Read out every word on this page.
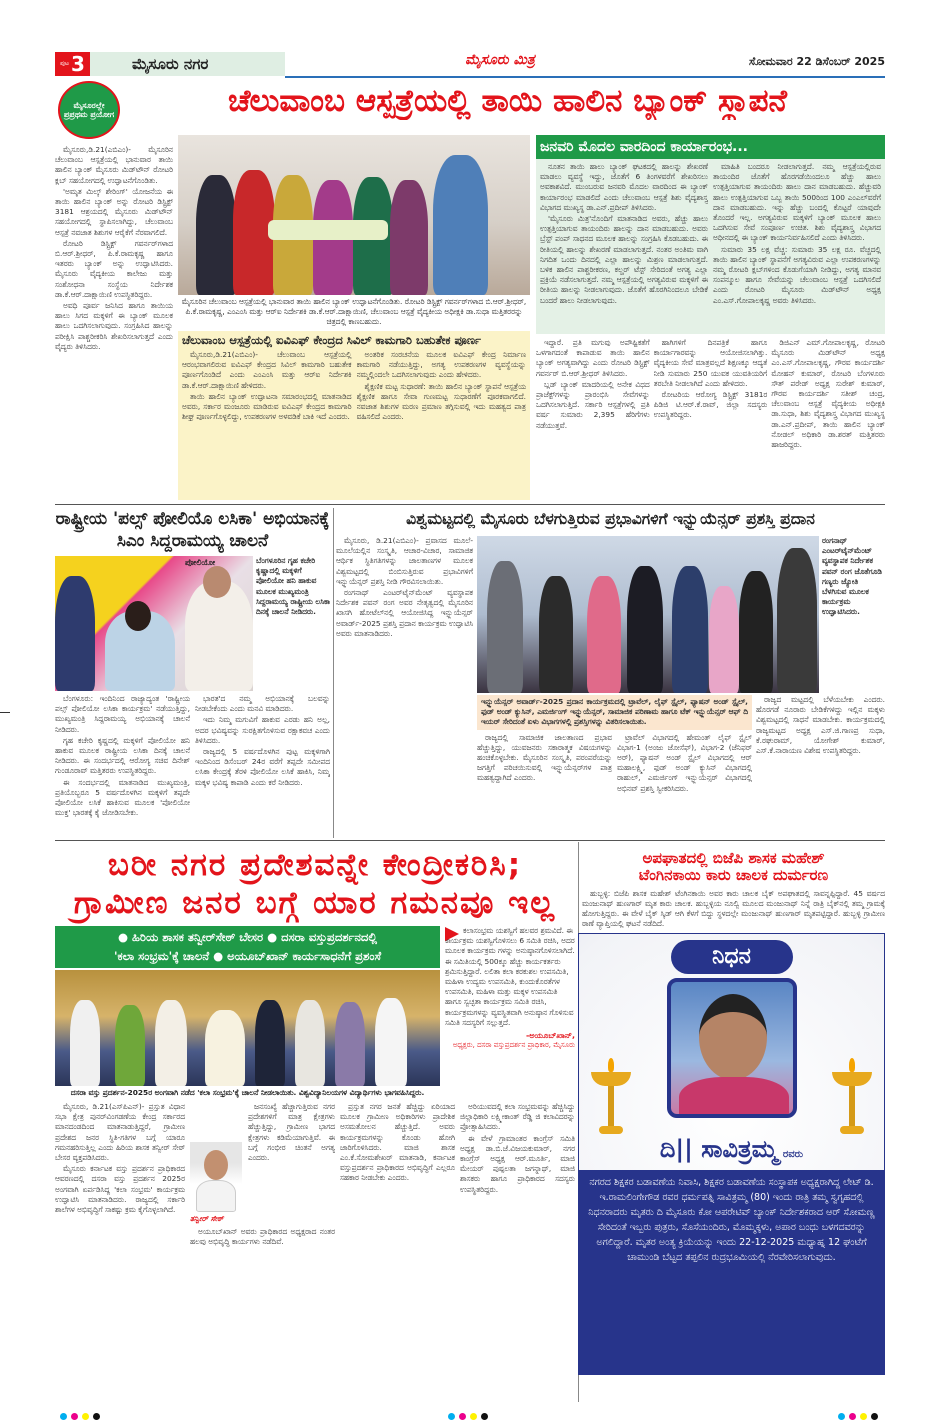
ಪುಟ 3	ಮೈಸೂರು ನಗರ	ಮೈಸೂರು ಮಿತ್ರ	ಸೋಮವಾರ 22 ಡಿಸೆಂಬರ್ 2025
ಮೈಸೂರಲ್ಲೇ ಪ್ರಪ್ರಥಮ ಪ್ರಯೋಗ	ಚೆಲುವಾಂಬ ಆಸ್ಪತ್ರೆಯಲ್ಲಿ ತಾಯಿ ಹಾಲಿನ ಬ್ಯಾಂಕ್ ಸ್ಥಾಪನೆ

ಮೈಸೂರು,ಡಿ.21(ಎಬಿಎಂ)- ಮೈಸೂರಿನ ಚೆಲುವಾಂಬ ಆಸ್ಪತ್ರೆಯಲ್ಲಿ ಭಾನುವಾರ ತಾಯಿ ಹಾಲಿನ ಬ್ಯಾಂಕ್ ಮೈಸೂರು ಮಿಡ್‌ಟೌನ್ ರೋಟರಿ ಕ್ಲಬ್ ಸಹಯೋಗದಲ್ಲಿ ಉದ್ಘಾಟನೆಗೊಂಡಿತು.

'ಅಮೃತ ಮಿಲ್ಕ್ ಶೇರಿಂಗ್' ಯೋಜನೆಯ ಈ ತಾಯಿ ಹಾಲಿನ ಬ್ಯಾಂಕ್ ಅನ್ನು ರೋಟರಿ ಡಿಸ್ಟ್ರಿಕ್ಟ್ 3181 ಆಶ್ರಯದಲ್ಲಿ ಮೈಸೂರು ಮಿಡ್‌ಟೌನ್ ಸಹಯೋಗದಲ್ಲಿ ಸ್ಥಾಪಿಸಲಾಗಿದ್ದು, ಚೆಲುವಾಂಬ ಆಸ್ಪತ್ರೆ ನವಜಾತ ಶಿಶುಗಳ ಆರೈಕೆಗೆ ನೆರವಾಗಲಿದೆ.

ರೋಟರಿ ಡಿಸ್ಟ್ರಿಕ್ಟ್ ಗವರ್ನರ್‌ಗಳಾದ ಬಿ.ಆರ್.ಶ್ರೀಧರ್, ಪಿ.ಕೆ.ರಾಮಕೃಷ್ಣ ಹಾಗೂ ಇತರರು ಬ್ಯಾಂಕ್ ಅನ್ನು ಉದ್ಘಾಟಿಸಿದರು. ಮೈಸೂರು ವೈದ್ಯಕೀಯ ಕಾಲೇಜು ಮತ್ತು ಸಂಶೋಧನಾ ಸಂಸ್ಥೆಯ ನಿರ್ದೇಶಕ ಡಾ.ಕೆ.ಆರ್.ದಾಕ್ಷಾಯಿಣಿ ಉಪಸ್ಥಿತರಿದ್ದರು.

ಅವಧಿ ಪೂರ್ವ ಜನಿಸಿದ ಹಾಗೂ ತಾಯಿಯ ಹಾಲು ಸಿಗದ ಮಕ್ಕಳಿಗೆ ಈ ಬ್ಯಾಂಕ್ ಮೂಲಕ ಹಾಲು ಒದಗಿಸಲಾಗುವುದು. ಸಂಗ್ರಹಿಸಿದ ಹಾಲನ್ನು ಪರೀಕ್ಷಿಸಿ ಪಾಶ್ಚರೀಕರಿಸಿ ಶೇಖರಿಸಲಾಗುತ್ತದೆ ಎಂದು ವೈದ್ಯರು ತಿಳಿಸಿದರು.

ಮೈಸೂರಿನ ಚೆಲುವಾಂಬ ಆಸ್ಪತ್ರೆಯಲ್ಲಿ ಭಾನುವಾರ ತಾಯಿ ಹಾಲಿನ ಬ್ಯಾಂಕ್ ಉದ್ಘಾಟನೆಗೊಂಡಿತು. ರೋಟರಿ ಡಿಸ್ಟ್ರಿಕ್ಟ್ ಗವರ್ನರ್‌ಗಳಾದ ಬಿ.ಆರ್.ಶ್ರೀಧರ್, ಪಿ.ಕೆ.ರಾಮಕೃಷ್ಣ, ಎಂಎಂಸಿ ಮತ್ತು ಆರ್‌ಐ ನಿರ್ದೇಶಕಿ ಡಾ.ಕೆ.ಆರ್.ದಾಕ್ಷಾಯಿಣಿ, ಚೆಲುವಾಂಬ ಆಸ್ಪತ್ರೆ ವೈದ್ಯಕೀಯ ಅಧೀಕ್ಷಕಿ ಡಾ.ಸುಧಾ ಮತ್ತಿತರರನ್ನು ಚಿತ್ರದಲ್ಲಿ ಕಾಣಬಹುದು.
ಚೆಲುವಾಂಬ ಆಸ್ಪತ್ರೆಯಲ್ಲಿ ಐವಿಎಫ್ ಕೇಂದ್ರದ ಸಿವಿಲ್ ಕಾಮಗಾರಿ ಬಹುತೇಕ ಪೂರ್ಣ

ಮೈಸೂರು,ಡಿ.21(ಎಬಿಎಂ)- ಚೆಲುವಾಂಬ ಆಸ್ಪತ್ರೆಯಲ್ಲಿ ಆರಂಭವಾಗಲಿರುವ ಐವಿಎಫ್ ಕೇಂದ್ರದ ಸಿವಿಲ್ ಕಾಮಗಾರಿ ಬಹುತೇಕ ಪೂರ್ಣಗೊಂಡಿದೆ ಎಂದು ಎಂಎಂಸಿ ಮತ್ತು ಆರ್‌ಐ ನಿರ್ದೇಶಕಿ ಡಾ.ಕೆ.ಆರ್.ದಾಕ್ಷಾಯಿಣಿ ಹೇಳಿದರು.

ತಾಯಿ ಹಾಲಿನ ಬ್ಯಾಂಕ್ ಉದ್ಘಾಟನಾ ಸಮಾರಂಭದಲ್ಲಿ ಮಾತನಾಡಿದ ಅವರು, ಸರ್ಕಾರ ಮಂಜೂರು ಮಾಡಿರುವ ಐವಿಎಫ್ ಕೇಂದ್ರದ ಕಾಮಗಾರಿ ಶೀಘ್ರ ಪೂರ್ಣಗೊಳ್ಳಲಿದ್ದು, ಉಪಕರಣಗಳ ಅಳವಡಿಕೆ ಬಾಕಿ ಇದೆ ಎಂದರು.

ಅಂತರಿಕ ಸಂರಚನೆಯ ಮೂಲಕ ಐವಿಎಫ್ ಕೇಂದ್ರ ನಿರ್ಮಾಣ ಕಾಮಗಾರಿ ನಡೆಯುತ್ತಿದ್ದು, ಅಗತ್ಯ ಉಪಕರಣಗಳ ವ್ಯವಸ್ಥೆಯನ್ನು ನಮ್ಮಲ್ಲಿಂದಲೇ ಒದಗಿಸಲಾಗುವುದು ಎಂದು ಹೇಳಿದರು.

ಶೈಕ್ಷಣಿಕ ಮಟ್ಟ ಸುಧಾರಣೆ: ತಾಯಿ ಹಾಲಿನ ಬ್ಯಾಂಕ್ ಸ್ಥಾಪನೆ ಆಸ್ಪತ್ರೆಯ ಶೈಕ್ಷಣಿಕ ಹಾಗೂ ಸೇವಾ ಗುಣಮಟ್ಟ ಸುಧಾರಣೆಗೆ ಪೂರಕವಾಗಲಿದೆ. ನವಜಾತ ಶಿಶುಗಳ ಮರಣ ಪ್ರಮಾಣ ತಗ್ಗಿಸುವಲ್ಲಿ ಇದು ಮಹತ್ವದ ಪಾತ್ರ ವಹಿಸಲಿದೆ ಎಂದರು.

ಜನವರಿ ಮೊದಲ ವಾರದಿಂದ ಕಾರ್ಯಾರಂಭ...

ನೂತನ ತಾಯಿ ಹಾಲು ಬ್ಯಾಂಕ್ ಘಟಕದಲ್ಲಿ ಹಾಲನ್ನು ಶೇಖರಣೆ ಮಾಡಲು ವ್ಯವಸ್ಥೆ ಇದ್ದು, ಜೊತೆಗೆ 6 ತಿಂಗಳವರೆಗೆ ಶೇಖರಿಸಲು ಅವಕಾಶವಿದೆ. ಮುಂಬರುವ ಜನವರಿ ಮೊದಲ ವಾರದಿಂದ ಈ ಬ್ಯಾಂಕ್ ಕಾರ್ಯಾರಂಭ ಮಾಡಲಿದೆ ಎಂದು ಚೆಲುವಾಂಬ ಆಸ್ಪತ್ರೆ ಶಿಶು ವೈದ್ಯಶಾಸ್ತ್ರ ವಿಭಾಗದ ಮುಖ್ಯಸ್ಥ ಡಾ.ಎನ್.ಪ್ರದೀಪ್ ತಿಳಿಸಿದರು.

'ಮೈಸೂರು ಮಿತ್ರ'ನೊಂದಿಗೆ ಮಾತನಾಡಿದ ಅವರು, ಹೆಚ್ಚು ಹಾಲು ಉತ್ಪತ್ತಿಯಾಗುವ ತಾಯಂದಿರು ಹಾಲನ್ನು ದಾನ ಮಾಡಬಹುದು. ಅವರು ಬ್ರೆಸ್ಟ್ ಪಂಪ್ ಸಾಧನದ ಮೂಲಕ ಹಾಲನ್ನು ಸಂಗ್ರಹಿಸಿ ಕೊಡಬಹುದು. ಈ ರೀತಿಯಲ್ಲಿ ಹಾಲನ್ನು ಶೇಖರಣೆ ಮಾಡಲಾಗುತ್ತದೆ. ನಂತರ ಅಂತಿಮ ವಾಗಿ ನಿಗದಿತ ಒಂದು ದಿನದಲ್ಲಿ ಎಲ್ಲಾ ಹಾಲನ್ನು ಮಿಶ್ರಣ ಮಾಡಲಾಗುತ್ತದೆ. ಬಳಿಕ ಹಾಲಿನ ಪಾಶ್ಚರೀಕರಣ, ಕಲ್ಚರ್ ಟೆಸ್ಟ್ ಸೇರಿದಂತೆ ಅಗತ್ಯ ಎಲ್ಲಾ ಪ್ರಕ್ರಿಯೆ ನಡೆಸಲಾಗುತ್ತದೆ. ನಮ್ಮ ಆಸ್ಪತ್ರೆಯಲ್ಲಿ ಅಗತ್ಯವಿರುವ ಮಕ್ಕಳಿಗೆ ಈ ರೀತಿಯ ಹಾಲನ್ನು ನೀಡಲಾಗುವುದು. ಜೊತೆಗೆ ಹೊರಗಿನಿಂದಲೂ ಬೇಡಿಕೆ ಬಂದರೆ ಹಾಲು ನೀಡಲಾಗುವುದು.

ಮಾಹಿತಿ ಬಂದರೂ ನೀಡಲಾಗುತ್ತದೆ. ನಮ್ಮ ಆಸ್ಪತ್ರೆಯಲ್ಲಿರುವ ತಾಯಂದಿರ ಜೊತೆಗೆ ಹೊರಗಡೆಯಿಂದಲೂ ಹೆಚ್ಚು ಹಾಲು ಉತ್ಪತ್ತಿಯಾಗುವ ತಾಯಂದಿರು ಹಾಲು ದಾನ ಮಾಡಬಹುದು. ಹೆಚ್ಚುವರಿ ಹಾಲು ಉತ್ಪತ್ತಿಯಾಗುವ ಒಬ್ಬ ತಾಯಿ 500ರಿಂದ 100 ಎಂಎಲ್‌ವರೆಗೆ ದಾನ ಮಾಡಬಹುದು. ಇನ್ನು ಹೆಚ್ಚು ಬಂದಲ್ಲಿ ಕೊಟ್ಟರೆ ಯಾವುದೇ ತೊಂದರೆ ಇಲ್ಲ. ಅಗತ್ಯವಿರುವ ಮಕ್ಕಳಿಗೆ ಬ್ಯಾಂಕ್ ಮೂಲಕ ಹಾಲು ಒದಗಿಸುವ ಸೇವೆ ಸಂಪೂರ್ಣ ಉಚಿತ. ಶಿಶು ವೈದ್ಯಶಾಸ್ತ್ರ ವಿಭಾಗದ ಅಧೀನದಲ್ಲಿ ಈ ಬ್ಯಾಂಕ್ ಕಾರ್ಯನಿರ್ವಹಿಸಲಿದೆ ಎಂದು ತಿಳಿಸಿದರು.

ಸುಮಾರು 35 ಲಕ್ಷ ವೆಚ್ಚ: ಸುಮಾರು 35 ಲಕ್ಷ ರೂ. ವೆಚ್ಚದಲ್ಲಿ ತಾಯಿ ಹಾಲಿನ ಬ್ಯಾಂಕ್ ಸ್ಥಾಪನೆಗೆ ಅಗತ್ಯವಿರುವ ಎಲ್ಲಾ ಉಪಕರಣಗಳನ್ನು ನಮ್ಮ ರೋಟರಿ ಕ್ಲಬ್‌ಗಳಿಂದ ಕೊಡುಗೆಯಾಗಿ ನೀಡಿದ್ದು, ಅಗತ್ಯ ಮಾನವ ಸಂಪನ್ಮೂಲ ಹಾಗೂ ಸೇವೆಯನ್ನು ಚೆಲುವಾಂಬ ಆಸ್ಪತ್ರೆ ಒದಗಿಸಲಿದೆ ಎಂದು ರೋಟರಿ ಮೈಸೂರು ಮಿಡ್‌ಟೌನ್ ಅಧ್ಯಕ್ಷ ಎಂ.ಎಸ್.ಗೋಪಾಲಕೃಷ್ಣ ಅವರು ತಿಳಿಸಿದರು.

ಇದ್ದಾರೆ. ಪ್ರತಿ ಮಗುವು ಅಪೌಷ್ಟಿಕತೆಗೆ ಒಳಗಾಗದಂತೆ ಕಾಪಾಡುವ ತಾಯಿ ಹಾಲಿನ ಬ್ಯಾಂಕ್ ಅಗತ್ಯವಾಗಿದ್ದು ಎಂದು ರೋಟರಿ ಡಿಸ್ಟ್ರಿಕ್ಟ್ ಗವರ್ನರ್ ಬಿ.ಆರ್.ಶ್ರೀಧರ್ ತಿಳಿಸಿದರು.

ಬ್ಲಡ್ ಬ್ಯಾಂಕ್ ಮಾದರಿಯಲ್ಲಿ ಅನೇಕ ವಿಧದ ಪ್ರಾಜೆಕ್ಟ್‌ಗಳನ್ನು ಪ್ರಾರಂಭಿಸಿ ಸೇವೆಗಳನ್ನು ಒದಗಿಸಲಾಗುತ್ತಿದೆ. ಸರ್ಕಾರಿ ಆಸ್ಪತ್ರೆಗಳಲ್ಲಿ ಪ್ರತಿ ವರ್ಷ ಸುಮಾರು 2,395 ಹೆರಿಗೆಗಳು ನಡೆಯುತ್ತವೆ.

ಹಾಗಿಗಳಿಗೆ ದಿನಪತ್ರಿಕೆ ಹಾಗೂ ಕಾರ್ಯಾಗಾರವನ್ನು ಆಯೋಜಿಸಲಾಗಿತ್ತು. ವೈದ್ಯಕೀಯ ಸೇವೆ ಮಾತ್ರವಲ್ಲದೆ ಶಿಕ್ಷಣಕ್ಕೂ ಆದ್ಯತೆ ನೀಡಿ ಸುಮಾರು 250 ಯುವಕ ಯುವತಿಯರಿಗೆ ತರಬೇತಿ ನೀಡಲಾಗಿದೆ ಎಂದು ಹೇಳಿದರು.

ರೋಟರಿಯ ಆರೋಗ್ಯ ಡಿಸ್ಟ್ರಿಕ್ಟ್ 3181ರ ಪಿಡಿಜಿ ಟಿ.ಆರ್.ಕೆ.ರಾವ್, ಜಿಲ್ಲಾ ಸದಸ್ಯರು ಉಪಸ್ಥಿತರಿದ್ದರು.

ಡಿಜಿಎನ್ ಎಮ್.ಗೋಪಾಲಕೃಷ್ಣ, ರೋಟರಿ ಮೈಸೂರು ಮಿಡ್‌ಟೌನ್ ಅಧ್ಯಕ್ಷ ಎಂ.ಎಸ್.ಗೋಪಾಲಕೃಷ್ಣ, ಗೌರವ ಕಾರ್ಯದರ್ಶಿ ಮೋಹನ್ ಕುಮಾರ್, ರೋಟರಿ ಬೆಂಗಳೂರು ಸೌತ್ ಪರೇಡ್ ಅಧ್ಯಕ್ಷ ಸುರೇಶ್ ಕುಮಾರ್, ಗೌರವ ಕಾರ್ಯದರ್ಶಿ ಸತೀಶ್ ಚಂದ್ರ, ಚೆಲುವಾಂಬ ಆಸ್ಪತ್ರೆ ವೈದ್ಯಕೀಯ ಅಧೀಕ್ಷಕಿ ಡಾ.ಸುಧಾ, ಶಿಶು ವೈದ್ಯಶಾಸ್ತ್ರ ವಿಭಾಗದ ಮುಖ್ಯಸ್ಥ ಡಾ.ಎನ್.ಪ್ರದೀಪ್, ತಾಯಿ ಹಾಲಿನ ಬ್ಯಾಂಕ್ ನೋಡಲ್ ಅಧಿಕಾರಿ ಡಾ.ಶರತ್ ಮತ್ತಿತರರು ಹಾಜರಿದ್ದರು.

ರಾಷ್ಟ್ರೀಯ 'ಪಲ್ಸ್ ಪೋಲಿಯೊ ಲಸಿಕಾ' ಅಭಿಯಾನಕ್ಕೆ ಸಿಎಂ ಸಿದ್ದರಾಮಯ್ಯ ಚಾಲನೆ
ಪೋಲಿಯೋ	ಬೆಂಗಳೂರಿನ ಗೃಹ ಕಚೇರಿ ಕೃಷ್ಣಾದಲ್ಲಿ ಮಕ್ಕಳಿಗೆ ಪೋಲಿಯೋ ಹನಿ ಹಾಕುವ ಮೂಲಕ ಮುಖ್ಯಮಂತ್ರಿ ಸಿದ್ದರಾಮಯ್ಯ ರಾಷ್ಟ್ರೀಯ ಲಸಿಕಾ ದಿನಕ್ಕೆ ಚಾಲನೆ ನೀಡಿದರು.

ಬೆಂಗಳೂರು: ಇಂದಿನಿಂದ ರಾಜ್ಯಾದ್ಯಂತ 'ರಾಷ್ಟ್ರೀಯ ಪಲ್ಸ್ ಪೋಲಿಯೋ ಲಸಿಕಾ ಕಾರ್ಯಕ್ರಮ' ನಡೆಯುತ್ತಿದ್ದು, ಮುಖ್ಯಮಂತ್ರಿ ಸಿದ್ದರಾಮಯ್ಯ ಅಭಿಯಾನಕ್ಕೆ ಚಾಲನೆ ನೀಡಿದರು.

ಗೃಹ ಕಚೇರಿ ಕೃಷ್ಣದಲ್ಲಿ ಮಕ್ಕಳಿಗೆ ಪೋಲಿಯೋ ಹನಿ ಹಾಕುವ ಮೂಲಕ ರಾಷ್ಟ್ರೀಯ ಲಸಿಕಾ ದಿನಕ್ಕೆ ಚಾಲನೆ ನೀಡಿದರು. ಈ ಸಂದರ್ಭದಲ್ಲಿ ಆರೋಗ್ಯ ಸಚಿವ ದಿನೇಶ್ ಗುಂಡೂರಾವ್ ಮತ್ತಿತರರು ಉಪಸ್ಥಿತರಿದ್ದರು.

ಈ ಸಂದರ್ಭದಲ್ಲಿ ಮಾತನಾಡಿದ ಮುಖ್ಯಮಂತ್ರಿ, ಪ್ರತಿಯೊಬ್ಬರೂ 5 ವರ್ಷದೊಳಗಿನ ಮಕ್ಕಳಿಗೆ ತಪ್ಪದೇ ಪೋಲಿಯೋ ಲಸಿಕೆ ಹಾಕಿಸುವ ಮೂಲಕ 'ಪೋಲಿಯೋ ಮುಕ್ತ' ಭಾರತಕ್ಕೆ ಕೈ ಜೋಡಿಸಬೇಕು.

ಭಾರತ'ದ ನಮ್ಮ ಅಭಿಯಾನಕ್ಕೆ ಬಲವನ್ನು ನೀಡಬೇಕೆಂದು ಎಂದು ಮನವಿ ಮಾಡಿದರು.

ಇದು ನಿಮ್ಮ ಮಗುವಿಗೆ ಹಾಕುವ ಎರಡು ಹನಿ ಅಲ್ಲ, ಅದರ ಭವಿಷ್ಯವನ್ನು ಸುರಕ್ಷಿತಗೊಳಿಸುವ ರಕ್ಷಾಕವಚ ಎಂದು ತಿಳಿಸಿದರು.

ರಾಜ್ಯದಲ್ಲಿ 5 ವರ್ಷದೊಳಗಿನ ಪುಟ್ಟ ಮಕ್ಕಳಿಗಾಗಿ ಇಂದಿನಿಂದ ಡಿಸೆಂಬರ್ 24ರ ವರೆಗೆ ತಪ್ಪದೇ ಸಮೀಪದ ಲಸಿಕಾ ಕೇಂದ್ರಕ್ಕೆ ತೆರಳಿ ಪೋಲಿಯೋ ಲಸಿಕೆ ಹಾಕಿಸಿ, ನಿಮ್ಮ ಮಕ್ಕಳ ಭವಿಷ್ಯ ಕಾಪಾಡಿ ಎಂದು ಕರೆ ನೀಡಿದರು.

ವಿಶ್ವಮಟ್ಟದಲ್ಲಿ ಮೈಸೂರು ಬೆಳಗುತ್ತಿರುವ ಪ್ರಭಾವಿಗಳಿಗೆ ಇನ್ಫ್ಲುಯೆನ್ಸರ್ ಪ್ರಶಸ್ತಿ ಪ್ರದಾನ

ಮೈಸೂರು, ಡಿ.21(ಎಬಿಎಂ)- ಪ್ರವಾಸದ ಮೂಲೆ-ಮೂಲೆಯಲ್ಲಿನ ಸಂಸ್ಕೃತಿ, ಆಚಾರ-ವಿಚಾರ, ಸಾಮಾಜಿಕ ಆರ್ಥಿಕ ಸ್ಥಿತಿಗತಿಗಳನ್ನು ಜಾಲತಾಣಗಳ ಮೂಲಕ ವಿಶ್ವಮಟ್ಟದಲ್ಲಿ ಬಿಂಬಿಸುತ್ತಿರುವ ಪ್ರಭಾವಿಗಳಿಗೆ ಇನ್ಫ್ಲುಯೆನ್ಸರ್ ಪ್ರಶಸ್ತಿ ನೀಡಿ ಗೌರವಿಸಲಾಯಿತು.

ರಂಗನಾಥ್ ಎಂಟರ್‌ಟೈನ್‌ಮೆಂಟ್ ವ್ಯವಸ್ಥಾಪಕ ನಿರ್ದೇಶಕ ಪವನ್ ರಂಗ ಅವರ ನೇತೃತ್ವದಲ್ಲಿ ಮೈಸೂರಿನ ಖಾಸಗಿ ಹೋಟೆಲ್‌ನಲ್ಲಿ ಆಯೋಜಿಸಿದ್ದ ಇನ್ಫ್ಲುಯೆನ್ಸರ್ ಅವಾರ್ಡ್-2025 ಪ್ರಶಸ್ತಿ ಪ್ರದಾನ ಕಾರ್ಯಕ್ರಮ ಉದ್ಘಾಟಿಸಿ ಅವರು ಮಾತನಾಡಿದರು.

ರಂಗನಾಥ್ ಎಂಟರ್‌ಟೈನ್‌ಮೆಂಟ್ ವ್ಯವಸ್ಥಾಪಕ ನಿರ್ದೇಶಕ ಪವನ್ ರಂಗ ಜೊತೆಗೂಡಿ ಗಣ್ಯರು ಜ್ಯೋತಿ ಬೆಳಗಿಸುವ ಮೂಲಕ ಕಾರ್ಯಕ್ರಮ ಉದ್ಘಾಟಿಸಿದರು.
ಇನ್ಫ್ಲುಯೆನ್ಸರ್ ಅವಾರ್ಡ್-2025 ಪ್ರದಾನ ಕಾರ್ಯಕ್ರಮದಲ್ಲಿ ಟ್ರಾವೆಲ್, ಲೈಫ್ ಸ್ಟೈಲ್, ಫ್ಯಾಷನ್ ಅಂಡ್ ಸ್ಟೈಲ್, ಫುಡ್ ಅಂಡ್ ಕ್ಯುಸಿನ್, ಎಮರ್ಜಿಂಗ್ ಇನ್ಫ್ಲುಯೆನ್ಸರ್, ಸಾಮಾಜಿಕ ಪರಿಣಾಮ ಹಾಗೂ ಟೆಕ್ ಇನ್ಫ್ಲುಯೆನ್ಸರ್ ಆಫ್ ದಿ ಇಯರ್ ಸೇರಿದಂತೆ ಏಳು ವಿಭಾಗಗಳಲ್ಲಿ ಪ್ರಶಸ್ತಿಗಳನ್ನು ವಿತರಿಸಲಾಯಿತು.

ರಾಜ್ಯದಲ್ಲಿ ಸಾಮಾಜಿಕ ಜಾಲತಾಣದ ಪ್ರಭಾವ ಹೆಚ್ಚುತ್ತಿದ್ದು, ಯುವಜನರು ಸಕಾರಾತ್ಮಕ ವಿಷಯಗಳನ್ನು ಹಂಚಿಕೊಳ್ಳಬೇಕು. ಮೈಸೂರಿನ ಸಂಸ್ಕೃತಿ, ಪರಂಪರೆಯನ್ನು ಜಗತ್ತಿಗೆ ಪರಿಚಯಿಸುವಲ್ಲಿ ಇನ್ಫ್ಲುಯೆನ್ಸರ್‌ಗಳ ಪಾತ್ರ ಮಹತ್ವದ್ದಾಗಿದೆ ಎಂದರು.

ಟ್ರಾವೆಲ್ ವಿಭಾಗದಲ್ಲಿ ಹೇಮಂತ್ ಲೈಫ್ ಸ್ಟೈಲ್ ವಿಭಾಗ-1 (ಅಂಜು ಜೋಸೆಫ್), ವಿಭಾಗ-2 (ಜೆನಿಫರ್ ಅರ್), ಫ್ಯಾಷನ್ ಅಂಡ್ ಸ್ಟೈಲ್ ವಿಭಾಗದಲ್ಲಿ ಆರ್ ಮಹಾಲಕ್ಷ್ಮಿ, ಫುಡ್ ಅಂಡ್ ಕ್ಯುಸಿನ್ ವಿಭಾಗದಲ್ಲಿ ರಾಹುಲ್, ಎಮರ್ಜಿಂಗ್ ಇನ್ಫ್ಲುಯೆನ್ಸರ್ ವಿಭಾಗದಲ್ಲಿ ಅಭಿನವ್ ಪ್ರಶಸ್ತಿ ಸ್ವೀಕರಿಸಿದರು.

ರಾಜ್ಯದ ಮಟ್ಟದಲ್ಲಿ ಬೆಳೆಯಬೇಕು ಎಂದರು. ಹೊರಗಡೆ ನೂರಾರು ಬೇಡಿಕೆಗಳಿದ್ದು ಇಲ್ಲಿನ ಮಕ್ಕಳು ವಿಶ್ವಮಟ್ಟದಲ್ಲಿ ಸಾಧನೆ ಮಾಡಬೇಕು. ಕಾರ್ಯಕ್ರಮದಲ್ಲಿ ರಾಜ್ಯಮಟ್ಟದ ಅಧ್ಯಕ್ಷ ಎಸ್.ಜಿ.ಗಾಣಪ್ರ ಸುಧಾ, ಕೆ.ರಘುರಾಮ್, ಯೋಗೇಶ್ ಕುಮಾರ್, ಎಸ್.ಕೆ.ನಾರಾಯಣ ವಿಶೇಷ ಉಪಸ್ಥಿತರಿದ್ದರು.

ಬರೀ ನಗರ ಪ್ರದೇಶವನ್ನೇ ಕೇಂದ್ರೀಕರಿಸಿ;
ಗ್ರಾಮೀಣ ಜನರ ಬಗ್ಗೆ ಯಾರ ಗಮನವೂ ಇಲ್ಲ
● ಹಿರಿಯ ಶಾಸಕ ತನ್ವೀರ್‌ಸೇಠ್ ಬೇಸರ ● ದಸರಾ ವಸ್ತುಪ್ರದರ್ಶನದಲ್ಲಿ
'ಕಲಾ ಸಂಭ್ರಮ'ಕ್ಕೆ ಚಾಲನೆ ● ಅಯೂಬ್‌ಖಾನ್ ಕಾರ್ಯಸಾಧನೆಗೆ ಪ್ರಶಂಸೆ
ದಸರಾ ವಸ್ತು ಪ್ರದರ್ಶನ-2025ರ ಅಂಗವಾಗಿ ನಡೆದ 'ಕಲಾ ಸಂಭ್ರಮ'ಕ್ಕೆ ಚಾಲನೆ ನೀಡಲಾಯಿತು. ವಿಶ್ವವಿದ್ಯಾನಿಲಯಗಳ ವಿದ್ಯಾರ್ಥಿಗಳು ಭಾಗವಹಿಸಿದ್ದರು.
ಕಲಾಸಂಭ್ರಮ ಯಶಸ್ವಿಗೆ ಹಲವರ ಶ್ರಮವಿದೆ. ಈ ಕಾರ್ಯಕ್ರಮ ಯಶಸ್ವಿಗೊಳಿಸಲು 6 ಸಮಿತಿ ರಚಿಸಿ, ಅದರ ಮೂಲಕ ಕಾರ್ಯಕ್ರಮ ಗಳನ್ನು ಅನುಷ್ಠಾನಗೊಳಿಸಲಾಗಿದೆ. ಈ ಸಮಿತಿಯಲ್ಲಿ 500ಕ್ಕೂ ಹೆಚ್ಚು ಕಾರ್ಯಕರ್ತರು ಶ್ರಮಿಸುತ್ತಿದ್ದಾರೆ. ಲಲಿತಾ ಕಲಾ ಕರಕುಶಲ ಉಪಸಮಿತಿ, ಮಹಿಳಾ ಉದ್ಯಮ ಉಪಸಮಿತಿ, ಕುಂದುಕೊರತೆಗಳ ಉಪಸಮಿತಿ, ಮಹಿಳಾ ಮತ್ತು ಮಕ್ಕಳ ಉಪಸಮಿತಿ ಹಾಗೂ ಸ್ವಚ್ಛತಾ ಕಾರ್ಯಕ್ರಮ ಸಮಿತಿ ರಚಿಸಿ, ಕಾರ್ಯಕ್ರಮಗಳನ್ನು ವ್ಯವಸ್ಥಿತವಾಗಿ ಅನುಷ್ಠಾನ ಗೊಳಿಸುವ ಸಮಿತಿ ಸದಸ್ಯರಿಗೆ ಸಲ್ಲುತ್ತದೆ.
-ಅಯೂಬ್‌ಖಾನ್,
ಅಧ್ಯಕ್ಷರು, ದಸರಾ ವಸ್ತುಪ್ರದರ್ಶನ ಪ್ರಾಧಿಕಾರ, ಮೈಸೂರು

ಮೈಸೂರು, ಡಿ.21(ಎಸ್‌ಪಿಎನ್)- ಪ್ರಸ್ತುತ ವಿಧಾನ ಸಭಾ ಕ್ಷೇತ್ರ ಪುನರ್‌ವಿಂಗಡಣೆಯ ಕೇಂದ್ರ ಸರ್ಕಾರದ ಮಾನದಂಡದಿಂದ ಮಾತನಾಡುತ್ತಿದ್ದರೆ, ಗ್ರಾಮೀಣ ಪ್ರದೇಶದ ಜನರ ಸ್ಥಿತಿ-ಗತಿಗಳ ಬಗ್ಗೆ ಯಾರೂ ಗಮನಹರಿಸುತ್ತಿಲ್ಲ ಎಂದು ಹಿರಿಯ ಶಾಸಕ ತನ್ವೀರ್ ಸೇಠ್ ಬೇಸರ ವ್ಯಕ್ತಪಡಿಸಿದರು.

ಮೈಸೂರು ಕರ್ನಾಟಕ ವಸ್ತು ಪ್ರದರ್ಶನ ಪ್ರಾಧಿಕಾರದ ಆವರಣದಲ್ಲಿ ದಸರಾ ವಸ್ತು ಪ್ರದರ್ಶನ 2025ರ ಅಂಗವಾಗಿ ಏರ್ಪಡಿಸಿದ್ದ 'ಕಲಾ ಸಂಭ್ರಮ' ಕಾರ್ಯಕ್ರಮ ಉದ್ಘಾಟಿಸಿ ಮಾತನಾಡಿದರು. ರಾಜ್ಯದಲ್ಲಿ ಸರ್ಕಾರಿ ಶಾಲೆಗಳ ಅಭಿವೃದ್ಧಿಗೆ ಸಾಕಷ್ಟು ಕ್ರಮ ಕೈಗೊಳ್ಳಲಾಗಿದೆ.

ತನ್ವೀರ್ ಸೇಠ್
ಜನಸಂಖ್ಯೆ ಹೆಚ್ಚಾಗುತ್ತಿರುವ ನಗರ ಪ್ರದೇಶಗಳಿಗೆ ಮಾತ್ರ ಕ್ಷೇತ್ರಗಳು ಹೆಚ್ಚುತ್ತಿದ್ದು, ಗ್ರಾಮೀಣ ಭಾಗದ ಕ್ಷೇತ್ರಗಳು ಕಡಿಮೆಯಾಗುತ್ತಿವೆ. ಈ ಬಗ್ಗೆ ಗಂಭೀರ ಚಿಂತನೆ ಅಗತ್ಯ ಎಂದರು.
ಅಯೂಬ್‌ಖಾನ್ ಅವರು ಪ್ರಾಧಿಕಾರದ ಅಧ್ಯಕ್ಷರಾದ ನಂತರ ಹಲವು ಅಭಿವೃದ್ಧಿ ಕಾರ್ಯಗಳು ನಡೆದಿವೆ.

ಪ್ರಸ್ತುತ ನಗರ ಜನತೆ ಹೆಚ್ಚಿದ್ದು ಏರಿಯಾದ ಮೂಲಕ ಗ್ರಾಮೀಣ ಅಧಿಕಾರಿಗಳು ಪ್ರಾದೇಶಿಕ ಅಸಮತೋಲನ ಹೆಚ್ಚುತ್ತಿದೆ. ಅವರು ಕಾರ್ಯಕ್ರಮಗಳನ್ನು ಕೊಂಡು ಹೋಗಿ ಜಾರಿಗೊಳಿಸಿದರು. ಮಾಜಿ ಶಾಸಕ ಎಂ.ಕೆ.ಸೋಮಶೇಖರ್ ಮಾತನಾಡಿ, ಕರ್ನಾಟಕ ವಸ್ತುಪ್ರದರ್ಶನ ಪ್ರಾಧಿಕಾರದ ಅಭಿವೃದ್ಧಿಗೆ ಎಲ್ಲರೂ ಸಹಕಾರ ನೀಡಬೇಕು ಎಂದರು.

ಅರಿಯುವದಲ್ಲಿ ಕಲಾ ಸಂಭ್ರಮವನ್ನು ಹೆಚ್ಚಿಸಿದ್ದು ಜಿಲ್ಲಾಧಿಕಾರಿ ಲಕ್ಷ್ಮೀಕಾಂತ್ ರೆಡ್ಡಿ ಜಿ ಕಲಾವಿದರನ್ನು ಪ್ರೋತ್ಸಾಹಿಸಿದರು.

ಈ ವೇಳೆ ಗ್ರಾಮಾಂತರ ಕಾಂಗ್ರೆಸ್ ಸಮಿತಿ ಅಧ್ಯಕ್ಷ ಡಾ.ಬಿ.ಜೆ.ವಿಜಯಕುಮಾರ್, ನಗರ ಕಾಂಗ್ರೆಸ್ ಅಧ್ಯಕ್ಷ ಆರ್.ಮೂರ್ತಿ, ಮಾಜಿ ಮೇಯರ್ ಪುಷ್ಪಲತಾ ಜಗನ್ನಾಥ್, ಮಾಜಿ ಶಾಸಕರು ಹಾಗೂ ಪ್ರಾಧಿಕಾರದ ಸದಸ್ಯರು ಉಪಸ್ಥಿತರಿದ್ದರು.

ಅಪಘಾತದಲ್ಲಿ ಬಿಜೆಪಿ ಶಾಸಕ ಮಹೇಶ್
ಟೆಂಗಿನಕಾಯಿ ಕಾರು ಚಾಲಕ ದುರ್ಮರಣ
ಹುಬ್ಬಳ್ಳಿ: ಬಿಜೆಪಿ ಶಾಸಕ ಮಹೇಶ್ ಟೆಂಗಿನಕಾಯಿ ಅವರ ಕಾರು ಚಾಲಕ ಬೈಕ್ ಅಪಘಾತದಲ್ಲಿ ಸಾವನ್ನಪ್ಪಿದ್ದಾರೆ. 45 ವರ್ಷದ ಮಂಜುನಾಥ್ ಹುಣಗಾರ್ ಮೃತ ಕಾರು ಚಾಲಕ. ಹುಬ್ಬಳ್ಳಿಯ ನೂಲ್ವಿ ಮೂಲದ ಮಂಜುನಾಥ್ ನಿನ್ನೆ ರಾತ್ರಿ ಬೈಕ್‌ನಲ್ಲಿ ತಮ್ಮ ಗ್ರಾಮಕ್ಕೆ ಹೋಗುತ್ತಿದ್ದರು. ಈ ವೇಳೆ ಬೈಕ್ ಸ್ಕಿಡ್ ಆಗಿ ಕೆಳಗೆ ಬಿದ್ದು ಸ್ಥಳದಲ್ಲೇ ಮಂಜುನಾಥ್ ಹುಣಗಾರ್ ಮೃತಪಟ್ಟಿದ್ದಾರೆ. ಹುಬ್ಬಳ್ಳಿ ಗ್ರಾಮೀಣ ಠಾಣೆ ವ್ಯಾಪ್ತಿಯಲ್ಲಿ ಘಟನೆ ನಡೆದಿದೆ.
ನಿಧನ
ದಿ|| ಸಾವಿತ್ರಮ್ಮ ರವರು
ನಗರದ ಶಿಕ್ಷಕರ ಬಡಾವಣೆಯ ನಿವಾಸಿ, ಶಿಕ್ಷಕರ ಬಡಾವಣೆಯ ಸಂಸ್ಥಾಪಕ ಅಧ್ಯಕ್ಷರಾಗಿದ್ದ ಲೇಟ್ ಡಿ. ಇ.ರಾಮಲಿಂಗೇಗೌಡ ರವರ ಧರ್ಮಪತ್ನಿ ಸಾವಿತ್ರಮ್ಮ (80) ಇಂದು ರಾತ್ರಿ ತಮ್ಮ ಸ್ವಗೃಹದಲ್ಲಿ ನಿಧನರಾದರು ಮೃತರು ದಿ ಮೈಸೂರು ಕೋ ಆಪರೇಟಿವ್ ಬ್ಯಾಂಕ್ ನಿರ್ದೇಶಕರಾದ ಆರ್ ಸೋಮಣ್ಣ ಸೇರಿದಂತೆ ಇಬ್ಬರು ಪುತ್ರರು, ಸೊಸೆಯಂದಿರು, ಮೊಮ್ಮಕ್ಕಳು, ಅಪಾರ ಬಂಧು ಬಳಗದವರನ್ನು ಅಗಲಿದ್ದಾರೆ. ಮೃತರ ಅಂತ್ಯ ಕ್ರಿಯೆಯನ್ನು ಇಂದು 22-12-2025 ಮಧ್ಯಾಹ್ನ 12 ಘಂಟೆಗೆ ಚಾಮುಂಡಿ ಬೆಟ್ಟದ ತಪ್ಪಲಿನ ರುದ್ರಭೂಮಿಯಲ್ಲಿ ನೆರವೇರಿಸಲಾಗುವುದು.
